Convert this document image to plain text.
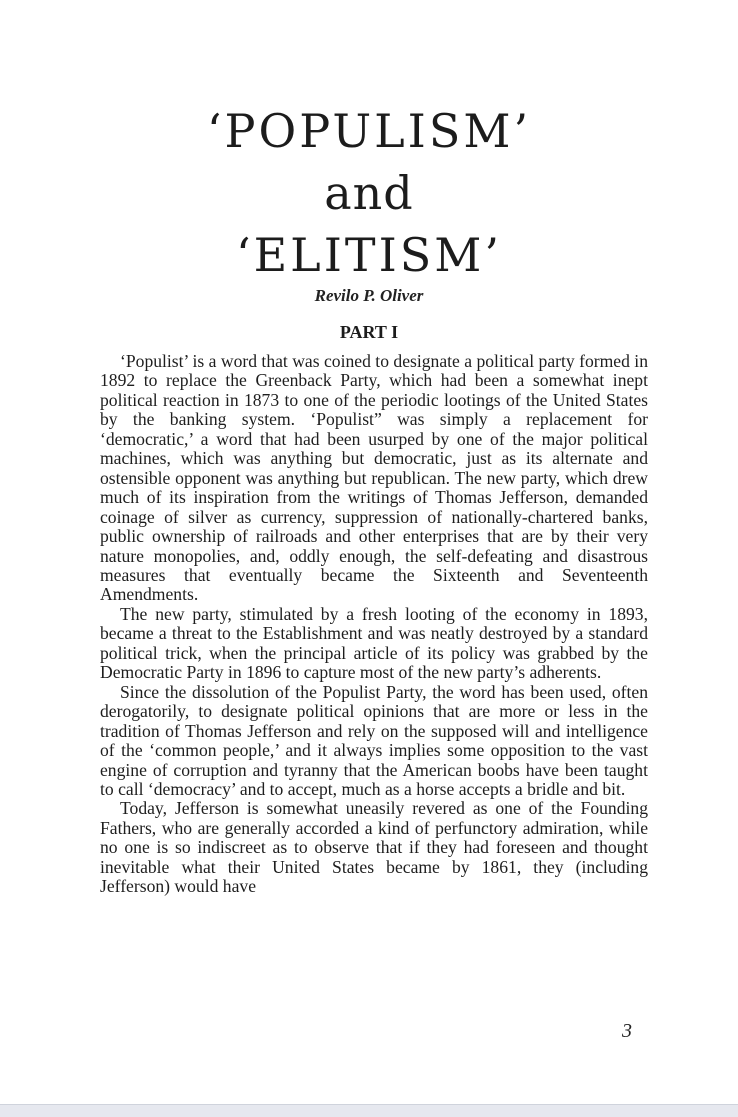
‘POPULISM’
and
‘ELITISM’
Revilo P. Oliver
PART I

‘Populist’ is a word that was coined to designate a political party formed in 1892 to replace the Greenback Party, which had been a somewhat inept political reaction in 1873 to one of the periodic lootings of the United States by the banking system. ‘Populist” was simply a replacement for ‘democratic,’ a word that had been usurped by one of the major political machines, which was anything but democratic, just as its alternate and ostensible opponent was anything but republican. The new party, which drew much of its inspiration from the writings of Thomas Jefferson, demanded coinage of silver as currency, suppression of nationally-chartered banks, public ownership of railroads and other enterprises that are by their very nature monopolies, and, oddly enough, the self-defeating and disastrous measures that eventually became the Sixteenth and Seventeenth Amendments.

The new party, stimulated by a fresh looting of the economy in 1893, became a threat to the Establishment and was neatly destroyed by a standard political trick, when the principal article of its policy was grabbed by the Democratic Party in 1896 to capture most of the new party’s adherents.

Since the dissolution of the Populist Party, the word has been used, often derogatorily, to designate political opinions that are more or less in the tradition of Thomas Jefferson and rely on the supposed will and intelligence of the ‘common people,’ and it always implies some opposition to the vast engine of corruption and tyranny that the American boobs have been taught to call ‘democracy’ and to accept, much as a horse accepts a bridle and bit.

Today, Jefferson is somewhat uneasily revered as one of the Founding Fathers, who are generally accorded a kind of perfunctory admiration, while no one is so indiscreet as to observe that if they had foreseen and thought inevitable what their United States became by 1861, they (including Jefferson) would have

3
